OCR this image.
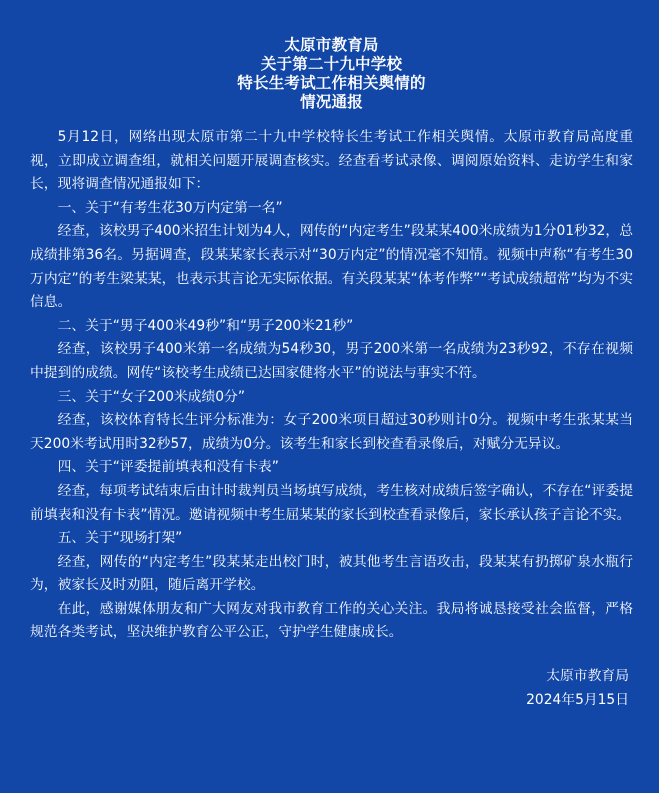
太原市教育局
关于第二十九中学校
特长生考试工作相关舆情的
情况通报

5月12日，网络出现太原市第二十九中学校特长生考试工作相关舆情。太原市教育局高度重视，立即成立调查组，就相关问题开展调查核实。经查看考试录像、调阅原始资料、走访学生和家长，现将调查情况通报如下：

一、关于“有考生花30万内定第一名”

经查，该校男子400米招生计划为4人，网传的“内定考生”段某某400米成绩为1分01秒32，总成绩排第36名。另据调查，段某某家长表示对“30万内定”的情况毫不知情。视频中声称“有考生30万内定”的考生梁某某，也表示其言论无实际依据。有关段某某“体考作弊”“考试成绩超常”均为不实信息。

二、关于“男子400米49秒”和“男子200米21秒”

经查，该校男子400米第一名成绩为54秒30，男子200米第一名成绩为23秒92，不存在视频中提到的成绩。网传“该校考生成绩已达国家健将水平”的说法与事实不符。

三、关于“女子200米成绩0分”

经查，该校体育特长生评分标准为：女子200米项目超过30秒则计0分。视频中考生张某某当天200米考试用时32秒57，成绩为0分。该考生和家长到校查看录像后，对赋分无异议。

四、关于“评委提前填表和没有卡表”

经查，每项考试结束后由计时裁判员当场填写成绩，考生核对成绩后签字确认，不存在“评委提前填表和没有卡表”情况。邀请视频中考生屈某某的家长到校查看录像后，家长承认孩子言论不实。

五、关于“现场打架”

经查，网传的“内定考生”段某某走出校门时，被其他考生言语攻击，段某某有扔掷矿泉水瓶行为，被家长及时劝阻，随后离开学校。

在此，感谢媒体朋友和广大网友对我市教育工作的关心关注。我局将诚恳接受社会监督，严格规范各类考试，坚决维护教育公平公正，守护学生健康成长。

太原市教育局
2024年5月15日
